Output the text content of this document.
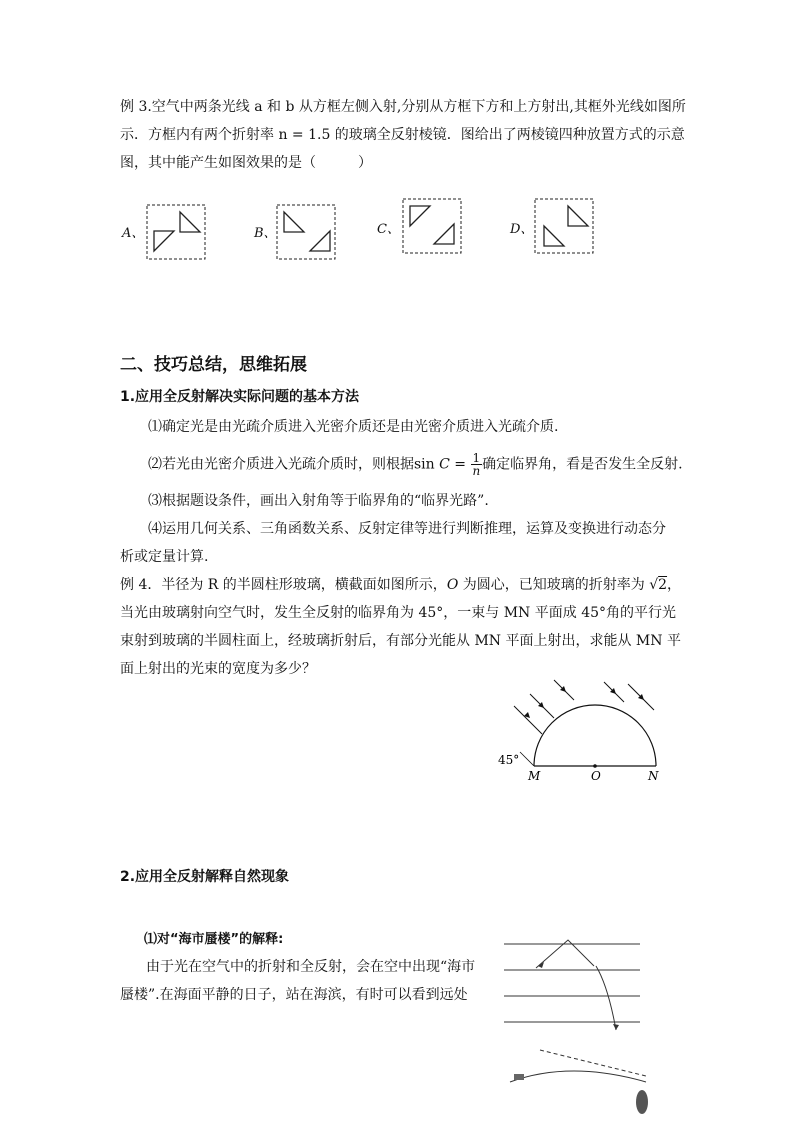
例 3.空气中两条光线 a 和 b 从方框左侧入射,分别从方框下方和上方射出,其框外光线如图所
示．方框内有两个折射率 n = 1.5 的玻璃全反射棱镜．图给出了两棱镜四种放置方式的示意
图，其中能产生如图效果的是（　　　）
A、	B、	C、	D、
二、技巧总结，思维拓展
1.应用全反射解决实际问题的基本方法
⑴确定光是由光疏介质进入光密介质还是由光密介质进入光疏介质.
⑵若光由光密介质进入光疏介质时，则根据$\sin C = \frac{1}{n}$ 确定临界角，看是否发生全反射.
⑶根据题设条件，画出入射角等于临界角的“临界光路”.
⑷运用几何关系、三角函数关系、反射定律等进行判断推理，运算及变换进行动态分
析或定量计算.
例 4．半径为 R 的半圆柱形玻璃，横截面如图所示，O 为圆心，已知玻璃的折射率为 √2，
当光由玻璃射向空气时，发生全反射的临界角为 45°，一束与 MN 平面成 45°角的平行光
束射到玻璃的半圆柱面上，经玻璃折射后，有部分光能从 MN 平面上射出，求能从 MN 平
面上射出的光束的宽度为多少？
45°
M	O	N
2.应用全反射解释自然现象
⑴对“海市蜃楼”的解释:
由于光在空气中的折射和全反射，会在空中出现“海市
蜃楼”.在海面平静的日子，站在海滨，有时可以看到远处
